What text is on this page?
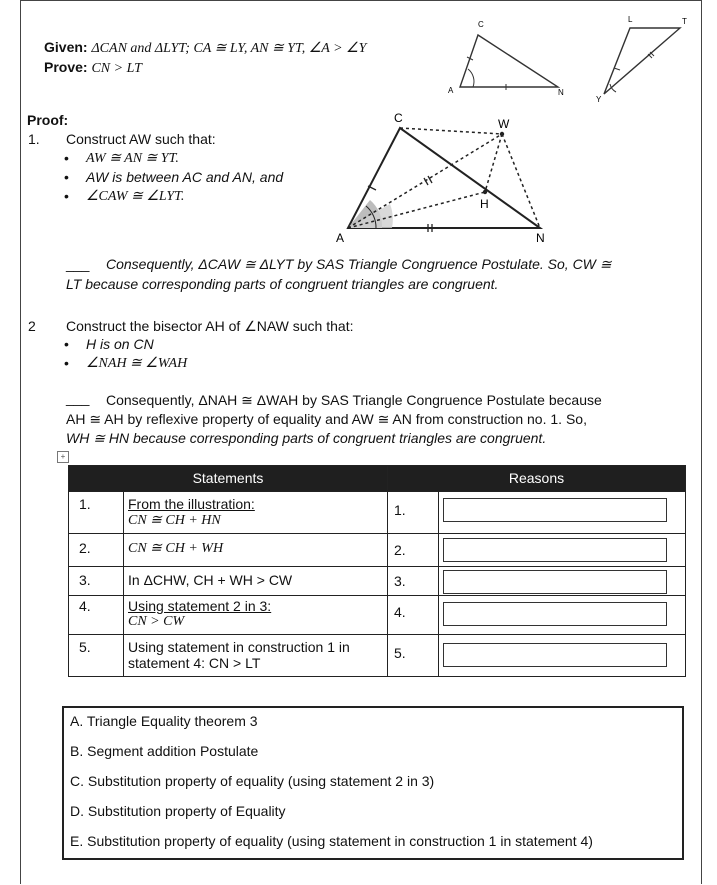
Given: ΔCAN and ΔLYT; CA ≅ LY, AN ≅ YT, ∠A > ∠Y
Prove: CN > LT
C
A	N
L	T
Y
Proof:
1. Construct AW such that:
• AW ≅ AN ≅ YT.
• AW is between AC and AN, and
• ∠CAW ≅ ∠LYT.
C	W
A	N
H
___ Consequently, ΔCAW ≅ ΔLYT by SAS Triangle Congruence Postulate. So, CW ≅
LT because corresponding parts of congruent triangles are congruent.
2 Construct the bisector AH of ∠NAW such that:
• H is on CN
• ∠NAH ≅ ∠WAH
___ Consequently, ΔNAH ≅ ΔWAH by SAS Triangle Congruence Postulate because
AH ≅ AH by reflexive property of equality and AW ≅ AN from construction no. 1. So,
WH ≅ HN because corresponding parts of congruent triangles are congruent.
+
Statements		Reasons	
1.	From the illustration:
CN ≅ CH + HN	1.	

2.	CN ≅ CH + WH	2.	

3.	In ΔCHW, CH + WH > CW	3.	

4.	Using statement 2 in 3:
CN > CW	4.	

5.	Using statement in construction 1 in
statement 4: CN > LT	5.	
A. Triangle Equality theorem 3
B. Segment addition Postulate
C. Substitution property of equality (using statement 2 in 3)
D. Substitution property of Equality
E. Substitution property of equality (using statement in construction 1 in statement 4)
